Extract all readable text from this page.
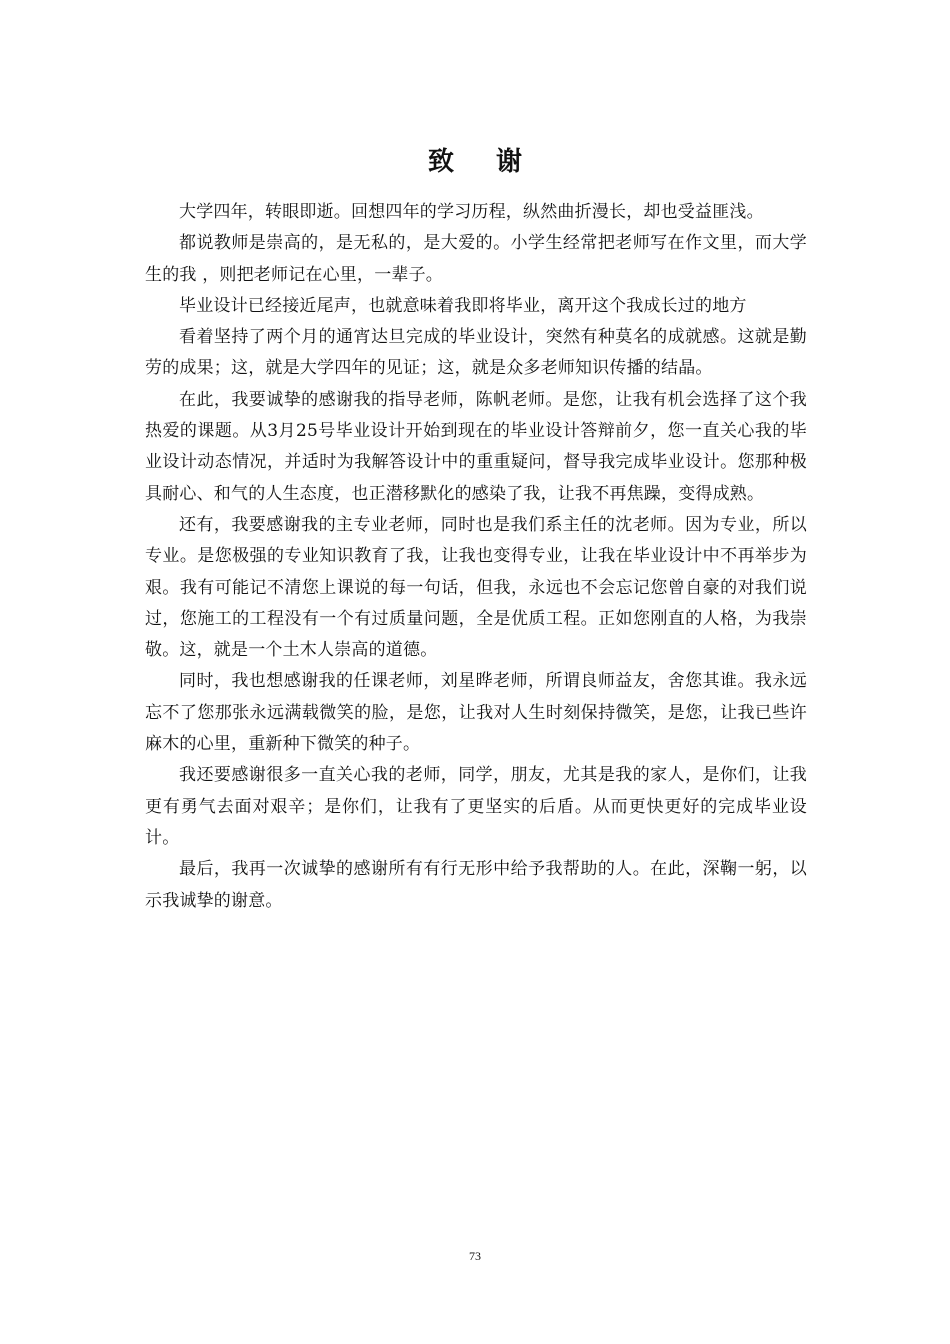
致谢

大学四年，转眼即逝。回想四年的学习历程，纵然曲折漫长，却也受益匪浅。

都说教师是崇高的，是无私的，是大爱的。小学生经常把老师写在作文里，而大学生的我 ，则把老师记在心里，一辈子。

毕业设计已经接近尾声，也就意味着我即将毕业，离开这个我成长过的地方

看着坚持了两个月的通宵达旦完成的毕业设计，突然有种莫名的成就感。这就是勤劳的成果；这，就是大学四年的见证；这，就是众多老师知识传播的结晶。

在此，我要诚挚的感谢我的指导老师，陈帆老师。是您，让我有机会选择了这个我热爱的课题。从3月25号毕业设计开始到现在的毕业设计答辩前夕，您一直关心我的毕业设计动态情况，并适时为我解答设计中的重重疑问，督导我完成毕业设计。您那种极具耐心、和气的人生态度，也正潜移默化的感染了我，让我不再焦躁，变得成熟。

还有，我要感谢我的主专业老师，同时也是我们系主任的沈老师。因为专业，所以专业。是您极强的专业知识教育了我，让我也变得专业，让我在毕业设计中不再举步为艰。我有可能记不清您上课说的每一句话，但我，永远也不会忘记您曾自豪的对我们说过，您施工的工程没有一个有过质量问题，全是优质工程。正如您刚直的人格，为我崇敬。这，就是一个土木人崇高的道德。

同时，我也想感谢我的任课老师，刘星晔老师，所谓良师益友，舍您其谁。我永远忘不了您那张永远满载微笑的脸，是您，让我对人生时刻保持微笑，是您，让我已些许麻木的心里，重新种下微笑的种子。

我还要感谢很多一直关心我的老师，同学，朋友，尤其是我的家人，是你们，让我更有勇气去面对艰辛；是你们，让我有了更坚实的后盾。从而更快更好的完成毕业设计。

最后，我再一次诚挚的感谢所有有行无形中给予我帮助的人。在此，深鞠一躬，以示我诚挚的谢意。

73
